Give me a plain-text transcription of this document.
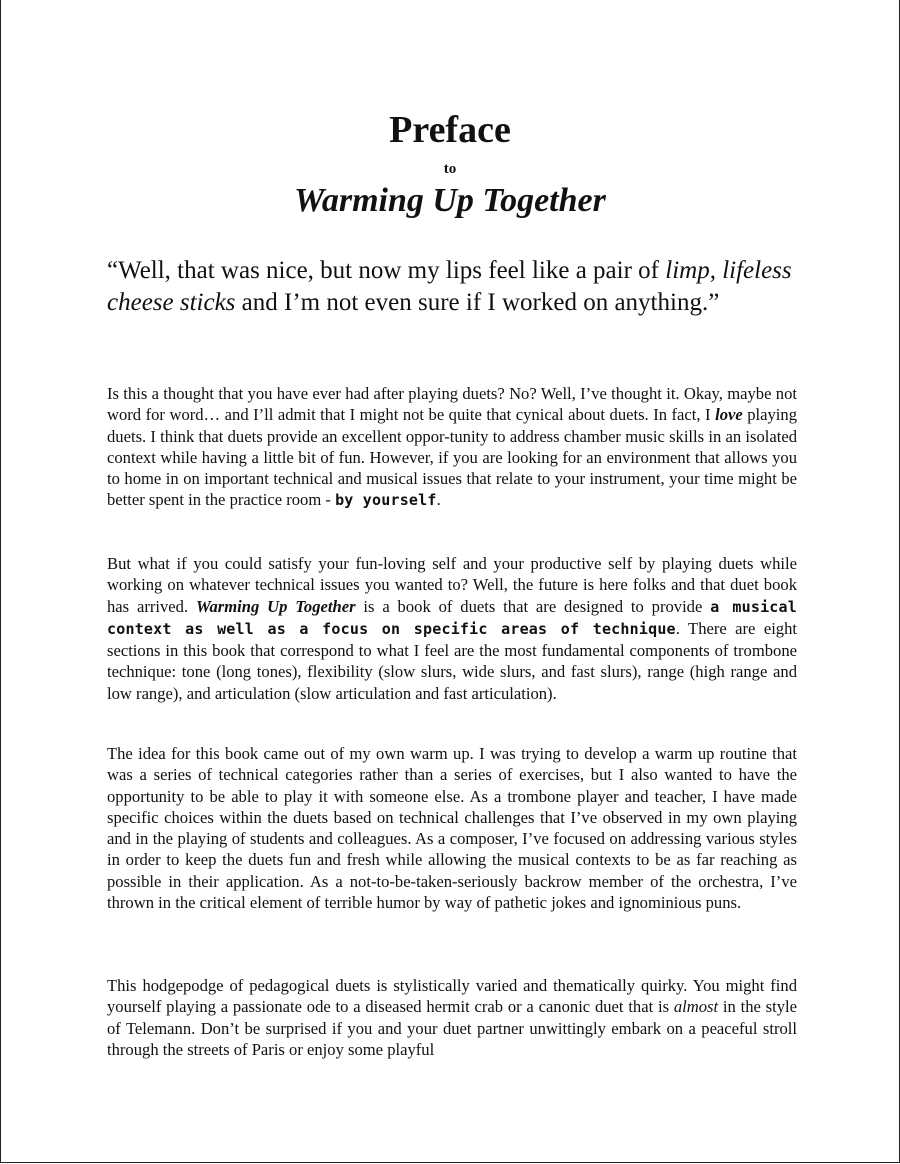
Preface
to
Warming Up Together

“Well, that was nice, but now my lips feel like a pair of limp, lifeless cheese sticks and I’m not even sure if I worked on anything.”

Is this a thought that you have ever had after playing duets? No? Well, I’ve thought it. Okay, maybe not word for word… and I’ll admit that I might not be quite that cynical about duets. In fact, I love playing duets. I think that duets provide an excellent oppor-tunity to address chamber music skills in an isolated context while having a little bit of fun. However, if you are looking for an environment that allows you to home in on important technical and musical issues that relate to your instrument, your time might be better spent in the practice room - by yourself.

But what if you could satisfy your fun-loving self and your productive self by playing duets while working on whatever technical issues you wanted to? Well, the future is here folks and that duet book has arrived. Warming Up Together is a book of duets that are designed to provide a musical context as well as a focus on specific areas of technique. There are eight sections in this book that correspond to what I feel are the most fundamental components of trombone technique: tone (long tones), flexibility (slow slurs, wide slurs, and fast slurs), range (high range and low range), and articulation (slow articulation and fast articulation).

The idea for this book came out of my own warm up. I was trying to develop a warm up routine that was a series of technical categories rather than a series of exercises, but I also wanted to have the opportunity to be able to play it with someone else. As a trombone player and teacher, I have made specific choices within the duets based on technical challenges that I’ve observed in my own playing and in the playing of students and colleagues. As a composer, I’ve focused on addressing various styles in order to keep the duets fun and fresh while allowing the musical contexts to be as far reaching as possible in their application. As a not-to-be-taken-seriously backrow member of the orchestra, I’ve thrown in the critical element of terrible humor by way of pathetic jokes and ignominious puns.

This hodgepodge of pedagogical duets is stylistically varied and thematically quirky. You might find yourself playing a passionate ode to a diseased hermit crab or a canonic duet that is almost in the style of Telemann. Don’t be surprised if you and your duet partner unwittingly embark on a peaceful stroll through the streets of Paris or enjoy some playful
